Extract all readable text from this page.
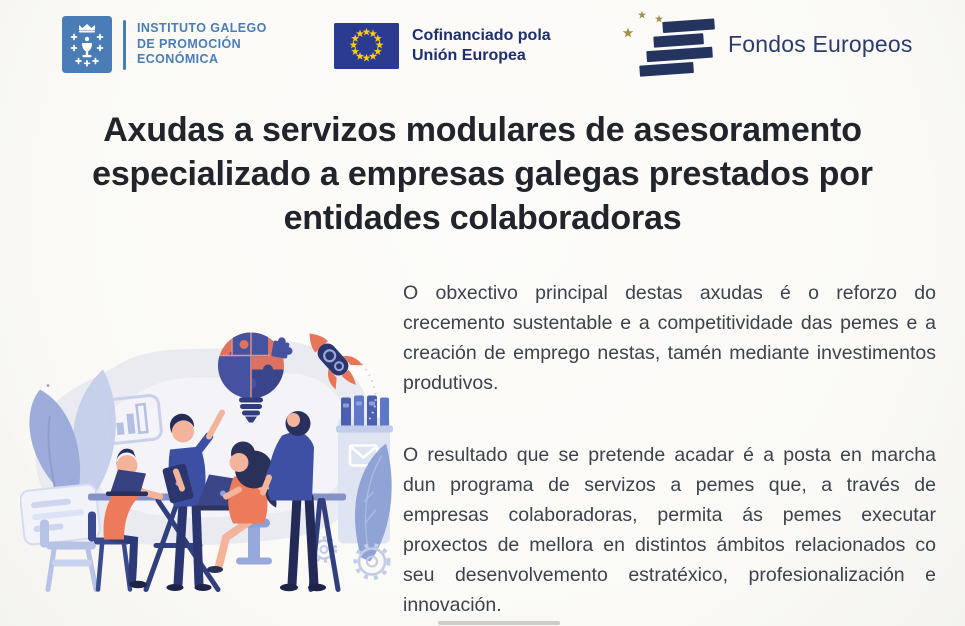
INSTITUTO GALEGO
DE PROMOCIÓN
ECONÓMICA
Cofinanciado pola
Unión Europea	Fondos Europeos
Axudas a servizos modulares de asesoramento
especializado a empresas galegas prestados por
entidades colaboradoras

O obxectivo principal destas axudas é o reforzo do crecemento sustentable e a competitividade das pemes e a creación de emprego nestas, tamén mediante investimentos produtivos.

O resultado que se pretende acadar é a posta en marcha dun programa de servizos a pemes que, a través de empresas colaboradoras, permita ás pemes executar proxectos de mellora en distintos ámbitos relacionados co seu desenvolvemento estratéxico, profesionalización e innovación.
